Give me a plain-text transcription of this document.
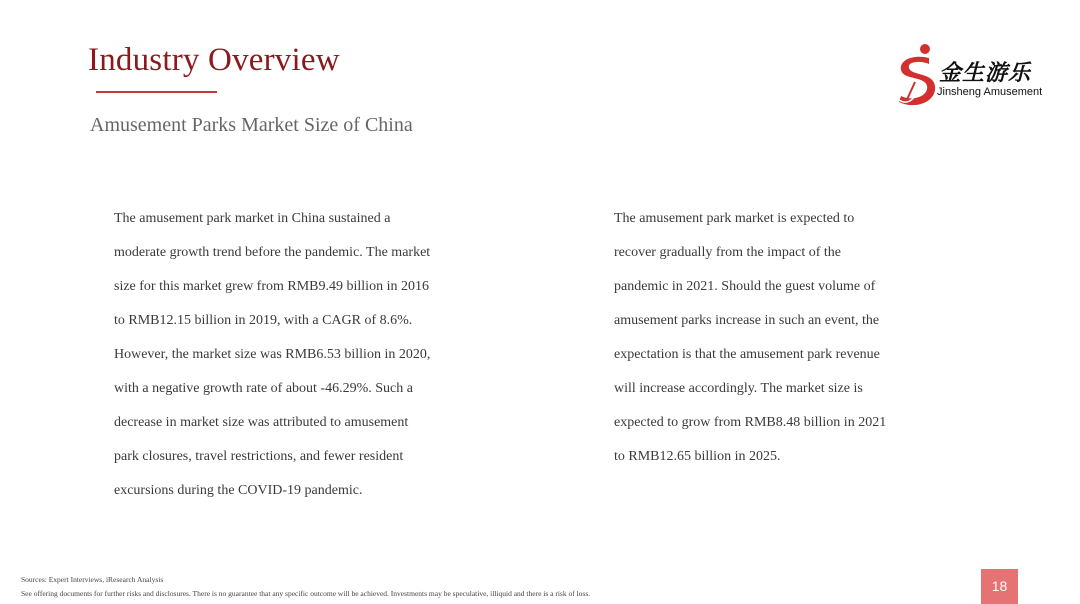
Industry Overview
Amusement Parks Market Size of China
金生游乐
Jinsheng Amusement
The amusement park market in China sustained a
moderate growth trend before the pandemic. The market
size for this market grew from RMB9.49 billion in 2016
to RMB12.15 billion in 2019, with a CAGR of 8.6%.
However, the market size was RMB6.53 billion in 2020,
with a negative growth rate of about -46.29%. Such a
decrease in market size was attributed to amusement
park closures, travel restrictions, and fewer resident
excursions during the COVID-19 pandemic.
The amusement park market is expected to
recover gradually from the impact of the
pandemic in 2021. Should the guest volume of
amusement parks increase in such an event, the
expectation is that the amusement park revenue
will increase accordingly. The market size is
expected to grow from RMB8.48 billion in 2021
to RMB12.65 billion in 2025.
Sources: Expert Interviews, iResearch Analysis
See offering documents for further risks and disclosures. There is no guarantee that any specific outcome will be achieved. Investments may be speculative, illiquid and there is a risk of loss.	18
